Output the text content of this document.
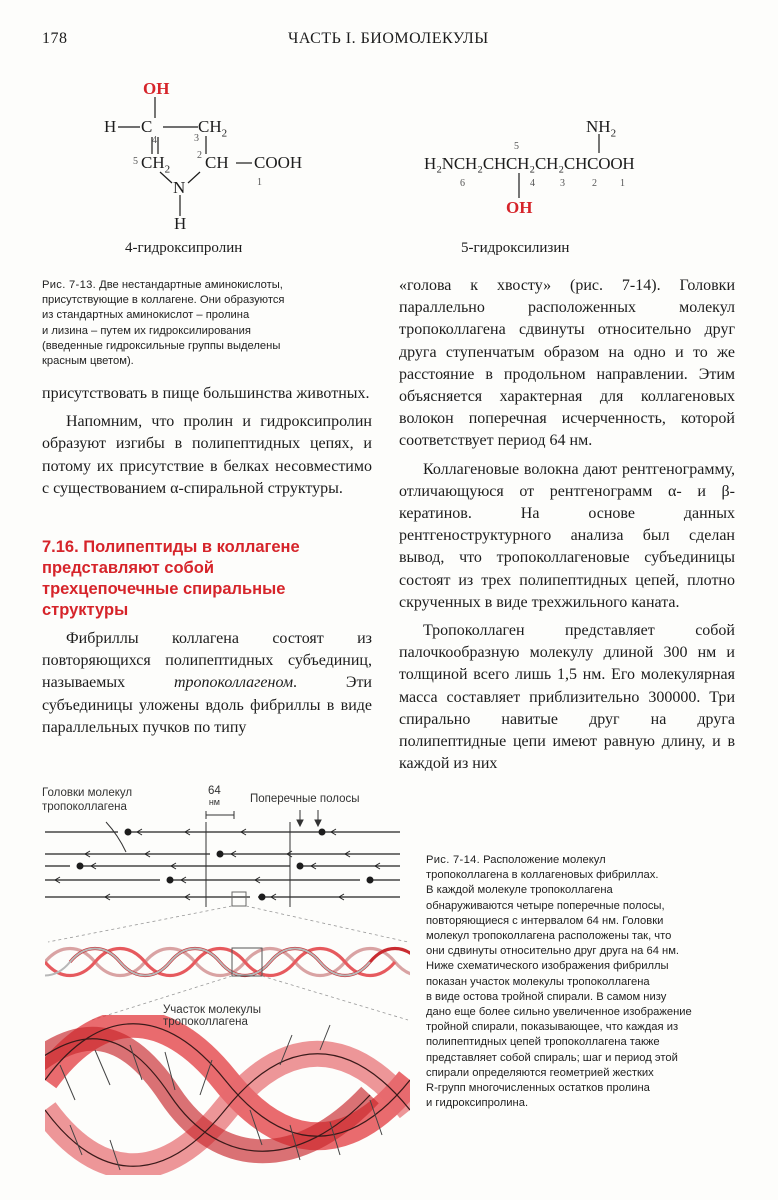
178	ЧАСТЬ I. БИОМОЛЕКУЛЫ
OH
H C
4
$CH_2$
3
5 $CH_2$
2 CH COOH
1
N
H
4-гидроксипролин
$NH_2$
5
H₂NCH₂CHCH₂CH₂CHCOOH
6	4	3	2 1
OH
5-гидроксилизин
Рис. 7-13. Две нестандартные аминокислоты,
присутствующие в коллагене. Они образуются
из стандартных аминокислот – пролина
и лизина – путем их гидроксилирования
(введенные гидроксильные группы выделены
красным цветом).

присутствовать в пище большинства животных.

Напомним, что пролин и гидроксипролин образуют изгибы в полипептидных цепях, и потому их присутствие в белках несовместимо с существованием α-спиральной структуры.

7.16. Полипептиды в коллагене
представляют собой
трехцепочечные спиральные
структуры

Фибриллы коллагена состоят из повторяющихся полипептидных субъединиц, называемых тропоколлагеном. Эти субъединицы уложены вдоль фибриллы в виде параллельных пучков по типу

«голова к хвосту» (рис. 7-14). Головки параллельно расположенных молекул тропоколлагена сдвинуты относительно друг друга ступенчатым образом на одно и то же расстояние в продольном направлении. Этим объясняется характерная для коллагеновых волокон поперечная исчерченность, которой соответствует период 64 нм.

Коллагеновые волокна дают рентгенограмму, отличающуюся от рентгенограмм α- и β-кератинов. На основе данных рентгеноструктурного анализа был сделан вывод, что тропоколлагеновые субъединицы состоят из трех полипептидных цепей, плотно скрученных в виде трехжильного каната.

Тропоколлаген представляет собой палочкообразную молекулу длиной 300 нм и толщиной всего лишь 1,5 нм. Его молекулярная масса составляет приблизительно 300000. Три спирально навитые друг на друга полипептидные цепи имеют равную длину, и в каждой из них

Головки молекул
тропоколлагена
64
нм	Поперечные полосы
Участок молекулы
тропоколлагена
Рис. 7-14. Расположение молекул
тропоколлагена в коллагеновых фибриллах.
В каждой молекуле тропоколлагена
обнаруживаются четыре поперечные полосы,
повторяющиеся с интервалом 64 нм. Головки
молекул тропоколлагена расположены так, что
они сдвинуты относительно друг друга на 64 нм.
Ниже схематического изображения фибриллы
показан участок молекулы тропоколлагена
в виде остова тройной спирали. В самом низу
дано еще более сильно увеличенное изображение
тройной спирали, показывающее, что каждая из
полипептидных цепей тропоколлагена также
представляет собой спираль; шаг и период этой
спирали определяются геометрией жестких
R-групп многочисленных остатков пролина
и гидроксипролина.
